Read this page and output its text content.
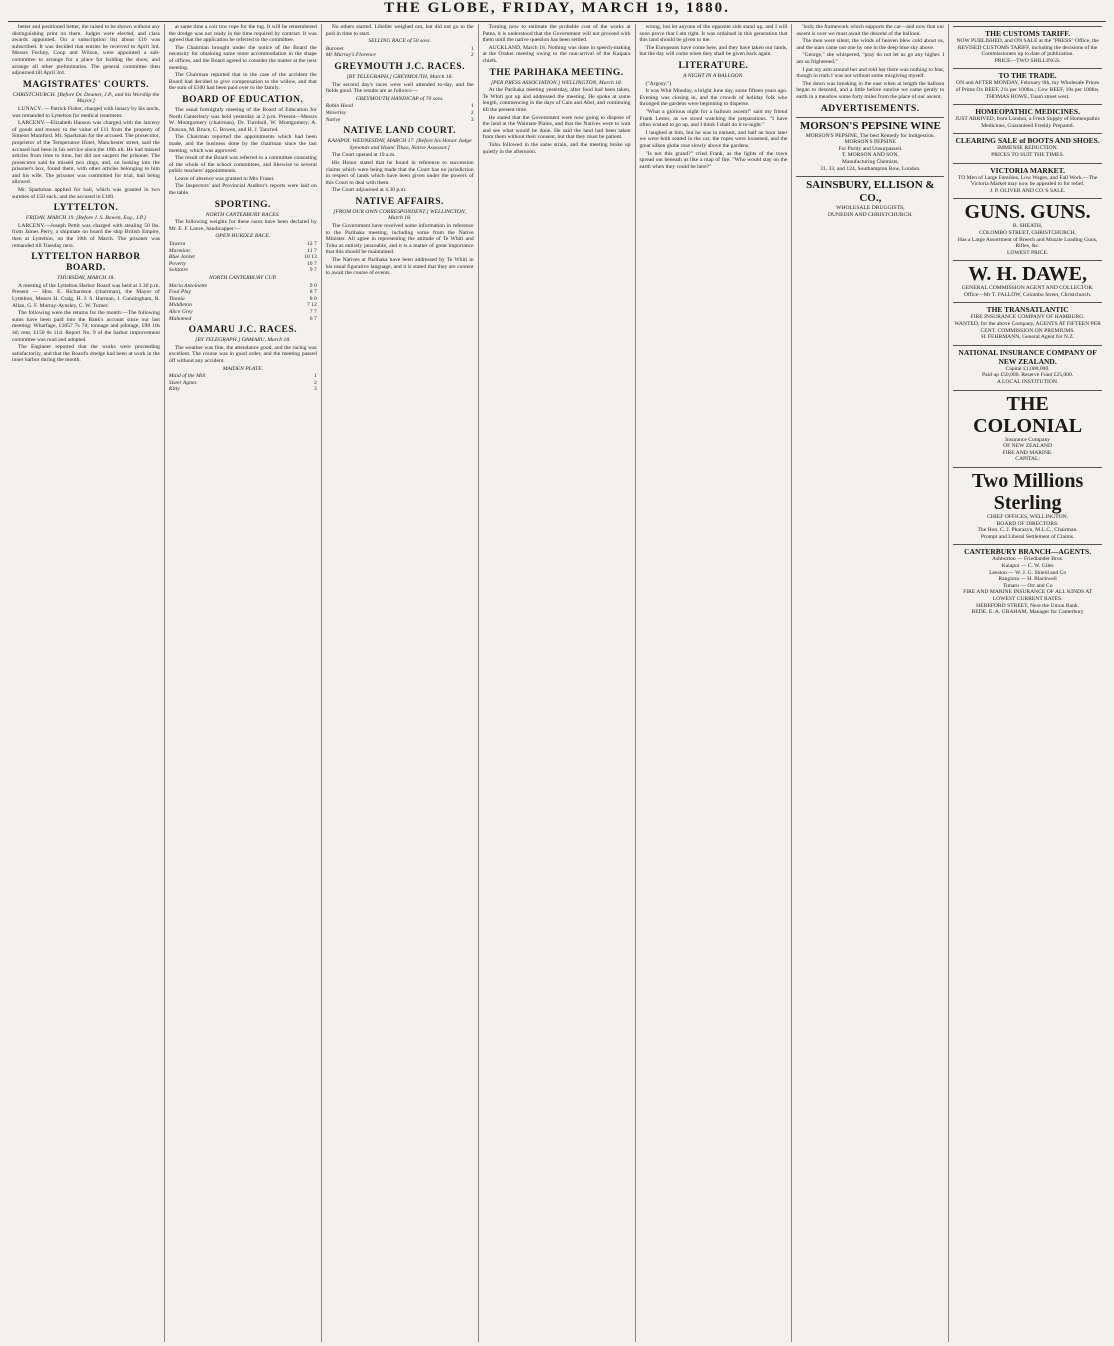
THE GLOBE, FRIDAY, MARCH 19, 1880.
better and positioned better, the raised to be shown without any distinguishing print on them. Judges were elected, and class awards appointed. On a subscription list about £10 was subscribed. It was decided that entries be received to April 3rd. Messrs Fechny, Coop and Wilson, were appointed a sub-committee to arrange for a place for holding the show, and arrange all other preliminaries. The general committee then adjourned till April 3rd.
MAGISTRATES' COURTS.
CHRISTCHURCH. [Before Dr. Deamer, J.P., and his Worship the Mayor.]
LUNACY. — Patrick Fisher, charged with lunacy by his uncle, was remanded to Lyttelton for medical treatment.
LARCENY.—Elizabeth Hanson was charged with the larceny of goods and money to the value of £11 from the property of Simeon Mumford. Mr. Sparkman for the accused. The prosecutor, proprietor of the Temperance Hotel, Manchester street, said the accused had been in his service since the 18th ult. He had missed articles from time to time, but did not suspect the prisoner. The prosecutor said he missed two rings, and, on looking into the prisoner's box, found them, with other articles belonging to him and his wife. The prisoner was committed for trial, bail being allowed.
Mr. Sparkman applied for bail, which was granted in two sureties of £50 each, and the accused in £100.
LYTTELTON.
FRIDAY, MARCH 19. [Before J. S. Bowen, Esq., J.P.]
LARCENY.—Joseph Pettit was charged with stealing 50 lbs. from James Perry, a shipmate on board the ship British Empire, then at Lyttelton, on the 10th of March. The prisoner was remanded till Tuesday next.
LYTTELTON HARBOR BOARD.
THURSDAY, MARCH 18.
A meeting of the Lyttelton Harbor Board was held at 3.30 p.m. Present — Hon. E. Richardson (chairman), the Mayor of Lyttelton, Messrs H. Craig, H. J. S. Harman, J. Cunningham, R. Allan, G. F. Murray-Aynsley, C. W. Turner.
The following were the returns for the month:—The following sums have been paid into the Bank's account since our last meeting: Wharfage, £1057 7s 7d; tonnage and pilotage, £98 10s 4d; rent, £150 0s 11d. Report No. 9 of the harbor improvement committee was read and adopted.
The Engineer reported that the works were proceeding satisfactorily, and that the Board's dredge had been at work in the inner harbor during the month.
at same time a coir tow rope for the tug. It will be remembered the dredge was not ready in the time required by contract. It was agreed that the application be referred to the committee.
The Chairman brought under the notice of the Board the necessity for obtaining some more accommodation in the shape of offices, and the Board agreed to consider the matter at the next meeting.
The Chairman reported that in the case of the accident the Board had decided to give compensation to the widow, and that the sum of £100 had been paid over to the family.
BOARD OF EDUCATION.
The usual fortnightly meeting of the Board of Education for North Canterbury was held yesterday at 2 p.m. Present—Messrs W. Montgomery (chairman), Dr. Turnbull, W. Montgomery, A. Duncan, M. Bruce, C. Bowen, and H. J. Tancred.
The Chairman reported the appointments which had been made, and the business done by the chairman since the last meeting, which was approved.
The result of the Board was referred to a committee consisting of the whole of the school committees, and likewise to several public teachers' appointments.
Leave of absence was granted to Mrs Fraser.
The Inspectors' and Provincial Auditor's reports were laid on the table.
SPORTING.
NORTH CANTERBURY RACES.
The following weights for these races have been declared by Mr. E. F. Lance, handicapper:—
OPEN HURDLE RACE.
Tawera	12 7
Marmion	11 7
Blue Jacket	10 13
Poverty	10 7
Solitaire	9 7
NORTH CANTERBURY CUP.
Maria Antoinette	9 0
Foul Play	8 7
Titania	8 0
Middleton	7 12
Alice Grey	7 7
Mahomed	6 7
OAMARU J.C. RACES.
[BY TELEGRAPH.] OAMARU, March 18.
The weather was fine, the attendance good, and the racing was excellent. The course was in good order, and the meeting passed off without any accident.
MAIDEN PLATE.
Maid of the Mill	1
Sister Agnes	2
Kitty	3
No others started. Libeller weighed out, but did not go to the post in time to start.
SELLING RACE of 50 sovs.
Baronet	1
Mr Murray's Florence	2
GREYMOUTH J.C. RACES.
[BY TELEGRAPH.] GREYMOUTH, March 18.
The second day's races were well attended to-day, and the fields good. The results are as follows:—
GREYMOUTH HANDICAP of 70 sovs.
Robin Hood	1
Waverley	2
Native	3
NATIVE LAND COURT.
KAIAPOI. WEDNESDAY, MARCH 17. [Before his Honor Judge Symonds and Hoani Tikao, Native Assessor.]
The Court opened at 10 a.m.
His Honor stated that he found in reference to succession claims which were being made that the Court has no jurisdiction in respect of lands which have been given under the powers of this Court to deal with them.
The Court adjourned at 4.30 p.m.
NATIVE AFFAIRS.
[FROM OUR OWN CORRESPONDENT.] WELLINGTON, March 18.
The Government have received some information in reference to the Parihaka meeting, including some from the Native Minister. All agree in representing the attitude of Te Whiti and Tohu as entirely peaceable, and it is a matter of great importance that this should be maintained.
The Natives at Parihaka have been addressed by Te Whiti in his usual figurative language, and it is stated that they are content to await the course of events.
Turning now to estimate the probable cost of the works at Patea, it is understood that the Government will not proceed with them until the native question has been settled.
AUCKLAND, March 18. Nothing was done in speech-making at the Orakei meeting owing to the non-arrival of the Kaipara chiefs.
THE PARIHAKA MEETING.
[PER PRESS ASSOCIATION.] WELLINGTON, March 18.
At the Parihaka meeting yesterday, after food had been taken, Te Whiti got up and addressed the meeting. He spoke at some length, commencing in the days of Cain and Abel, and continuing till the present time.
He stated that the Government were now going to dispose of the land at the Waimate Plains, and that the Natives were to wait and see what would be done. He said the land had been taken from them without their consent, but that they must be patient.
Tohu followed in the same strain, and the meeting broke up quietly in the afternoon.
wrong, but let anyone of the opposite side stand up, and I will soon prove that I am right. It was ordained in this generation that this land should be given to me.
The Europeans have come here, and they have taken our lands, but the day will come when they shall be given back again.
LITERATURE.
A NIGHT IN A BALLOON.
("Argosy.")
It was Whit Monday, a bright June day, some fifteen years ago. Evening was closing in, and the crowds of holiday folk who thronged the gardens were beginning to disperse.
"What a glorious night for a balloon ascent!" said my friend Frank Lester, as we stood watching the preparations. "I have often wished to go up, and I think I shall do it to-night."
I laughed at him, but he was in earnest, and half an hour later we were both seated in the car, the ropes were loosened, and the great silken globe rose slowly above the gardens.
"Is not this grand?" cried Frank, as the lights of the town spread out beneath us like a map of fire. "Who would stay on the earth when they could be here?"
'lock; the framework which supports the car—and now that our ascent is over we must await the descent of the balloon.
The men were silent, the winds of heaven blew cold about us, and the stars came out one by one in the deep blue sky above.
"George," she whispered, "pray do not let us go any higher. I am so frightened."
I put my arm around her and told her there was nothing to fear, though in truth I was not without some misgiving myself.
The dawn was breaking in the east when at length the balloon began to descend, and a little before sunrise we came gently to earth in a meadow some forty miles from the place of our ascent.
ADVERTISEMENTS.
MORSON'S PEPSINE WINE
MORSON'S PEPSINE, The best Remedy for Indigestion.
MORSON'S PEPSINE
For Purity and Unsurpassed.
T. MORSON AND SON,
Manufacturing Chemists,
31, 33, and 124, Southampton Row, London.
SAINSBURY, ELLISON & CO.,
WHOLESALE DRUGGISTS,
DUNEDIN AND CHRISTCHURCH.
THE CUSTOMS TARIFF.
NOW PUBLISHED, and ON SALE at the "PRESS" Office, the REVISED CUSTOMS TARIFF, including the decisions of the Commissioners up to date of publication.
PRICE—TWO SHILLINGS.
TO THE TRADE.
ON and AFTER MONDAY, February 9th, my Wholesale Prices of Prime Ox BEEF, 21s per 100lbs.; Cow BEEF, 19s per 100lbs.
THOMAS HOWE, Tuam street west.
HOMEOPATHIC MEDICINES.
JUST ARRIVED, from London, a Fresh Supply of Homeopathic Medicines, Guaranteed Freshly Prepared.
CLEARING SALE of BOOTS AND SHOES.
IMMENSE REDUCTION.
PRICES TO SUIT THE TIMES.
VICTORIA MARKET.
TO Men of Large Families, Low Wages, and Fall Work.—The Victoria Market may now be appealed to for relief.
J. P. OLIVER AND CO.'S SALE.
GUNS. GUNS.
B. SHEATH,
COLOMBO STREET, CHRISTCHURCH,
Has a Large Assortment of Breech and Muzzle Loading Guns, Rifles, &c.
LOWEST PRICE.
W. H. DAWE,
GENERAL COMMISSION AGENT AND COLLECTOR.
Office—Mr T. FALLOW, Colombo Street, Christchurch.
THE TRANSATLANTIC
FIRE INSURANCE COMPANY OF HAMBURG.
WANTED, for the above Company, AGENTS AT FIFTEEN PER CENT. COMMISSION ON PREMIUMS.
H. FEHRMANN, General Agent for N.Z.
NATIONAL INSURANCE COMPANY OF NEW ZEALAND.
Capital £1,000,000.
Paid up £50,000. Reserve Fund £25,000.
A LOCAL INSTITUTION.
THE COLONIAL
Insurance Company
OF NEW ZEALAND
FIRE AND MARINE.
CAPITAL:
Two Millions Sterling
CHIEF OFFICES, WELLINGTON.
BOARD OF DIRECTORS:
The Hon. C. J. Pharazyn, M.L.C., Chairman.
Prompt and Liberal Settlement of Claims.
CANTERBURY BRANCH—AGENTS.
Ashburton — Friedlander Bros.
Kaiapoi — C. W. Giles
Leeston — W. J. G. Shield and Co
Rangiora — H. Blackwell
Timaru — Orr and Co
FIRE AND MARINE INSURANCE OF ALL KINDS AT LOWEST CURRENT RATES.
HEREFORD STREET, Next the Union Bank.
BEDE. E. A. GRAHAM, Manager for Canterbury
